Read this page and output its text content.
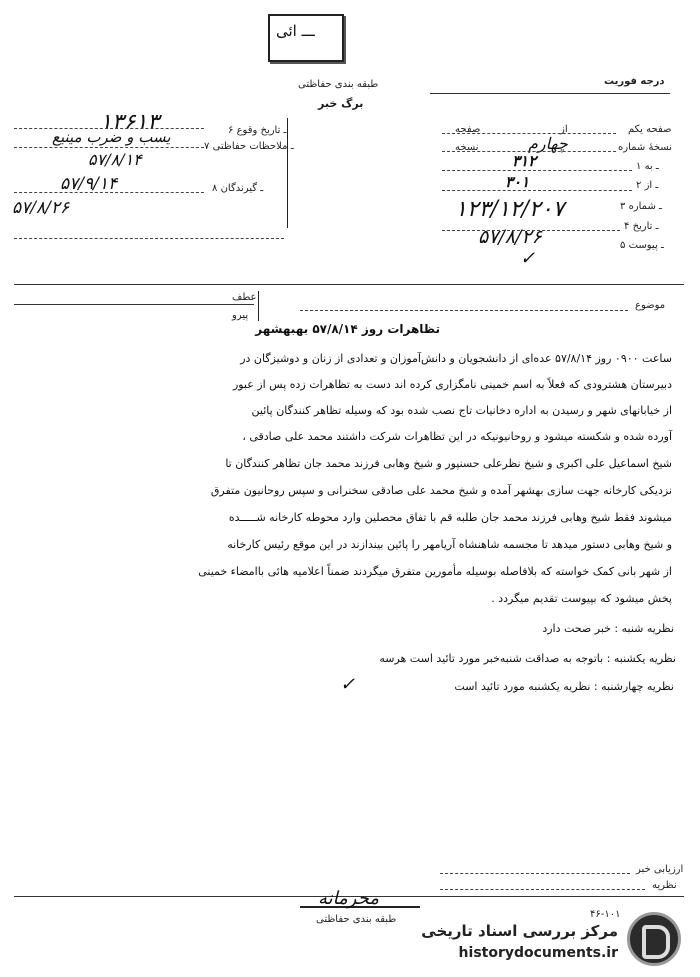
ـــ ائی
طبقه بندی حفاظتی
برگ خبر
درجه فوریت
۶ ـ تاریخ وقوع
۱۳۶۱۳
۷ ـ ملاحظات حفاظتی
یسب و ضرب مینیع
۵۷/۸/۱۴
۸ ـ گیرندگان
۵۷/۹/۱۴
۵۷/۸/۲۶
صفحه یکم
از
صفحه
نسخهٔ شماره
چهارم
نسخه
۱ ـ به
۳۱۲
۲ ـ از
۳۰۱
۳ ـ شماره
۱۲۳/۱۲/۲۰۷
۴ ـ تاریخ
۵۷/۸/۲۶	۵ ـ پیوست
✓
عطف
پیرو
موضوع
تظاهرات روز ۵۷/۸/۱۴ بهبهشهر
ساعت ۰۹۰۰ روز ۵۷/۸/۱۴ عده‌ای از دانشجویان و دانش‌آموزان و تعدادی از زنان و دوشیزگان در
دبیرستان هشترودی که فعلاً به اسم خمینی نامگزاری کرده اند دست به تظاهرات زده پس از عبور
از خیابانهای شهر و رسیدن به اداره دخانیات تاج نصب شده بود که وسیله تظاهر کنندگان پائین
آورده شده و شکسته میشود و روحانیونیکه در این تظاهرات شرکت داشتند محمد علی صادقی ،
شیخ اسماعیل علی اکبری و شیخ نظرعلی حسنپور و شیخ وهابی فرزند محمد جان تظاهر کنندگان تا
نزدیکی کارخانه جهت سازی بهشهر آمده و شیخ محمد علی صادقی سخنرانی و سپس روحانیون متفرق
میشوند فقط شیخ وهابی فرزند محمد جان طلبه قم با تفاق محصلین وارد محوطه کارخانه شـــــده
و شیخ وهابی دستور میدهد تا مجسمه شاهنشاه آریامهر را پائین بیندازند در این موقع رئیس کارخانه
از شهر بانی کمک خواسته که بلافاصله بوسیله مأمورین متفرق میگردند ضمناً اعلامیه هائی باامضاء خمینی
پخش میشود که بپیوست تقدیم میگردد .
نظریه شنبه : خبر صحت دارد
نظریه یکشنبه : باتوجه به صداقت شنبه‌خبر مورد تائید است هرسه
نظریه چهارشنبه : نظریه یکشنبه مورد تائید است
✓
ارزیابی خبر
نظریه
محرمانه
طبقه بندی حفاظتی	۴۶-۱۰۱
مرکز بررسی اسناد تاریخی
historydocuments.ir
